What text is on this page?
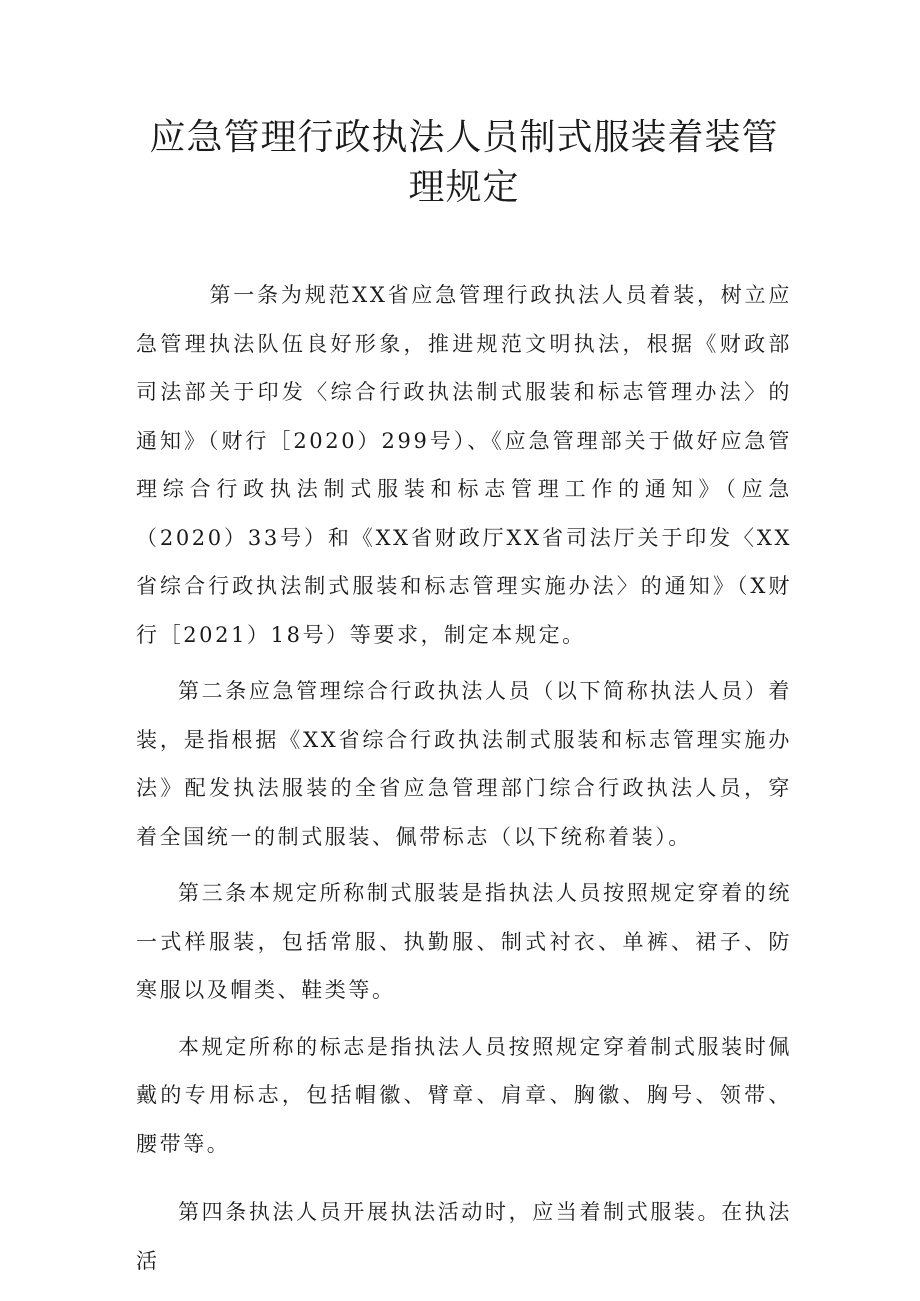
应急管理行政执法人员制式服装着装管理规定

第一条为规范XX省应急管理行政执法人员着装，树立应急管理执法队伍良好形象，推进规范文明执法，根据《财政部司法部关于印发〈综合行政执法制式服装和标志管理办法〉的通知》（财行［2020）299号）、《应急管理部关于做好应急管理综合行政执法制式服装和标志管理工作的通知》（应急（2020）33号）和《XX省财政厅XX省司法厅关于印发〈XX省综合行政执法制式服装和标志管理实施办法〉的通知》（X财行［2021）18号）等要求，制定本规定。

第二条应急管理综合行政执法人员（以下简称执法人员）着装，是指根据《XX省综合行政执法制式服装和标志管理实施办法》配发执法服装的全省应急管理部门综合行政执法人员，穿着全国统一的制式服装、佩带标志（以下统称着装）。

第三条本规定所称制式服装是指执法人员按照规定穿着的统一式样服装，包括常服、执勤服、制式衬衣、单裤、裙子、防寒服以及帽类、鞋类等。

本规定所称的标志是指执法人员按照规定穿着制式服装时佩戴的专用标志，包括帽徽、臂章、肩章、胸徽、胸号、领带、腰带等。

第四条执法人员开展执法活动时，应当着制式服装。在执法活
